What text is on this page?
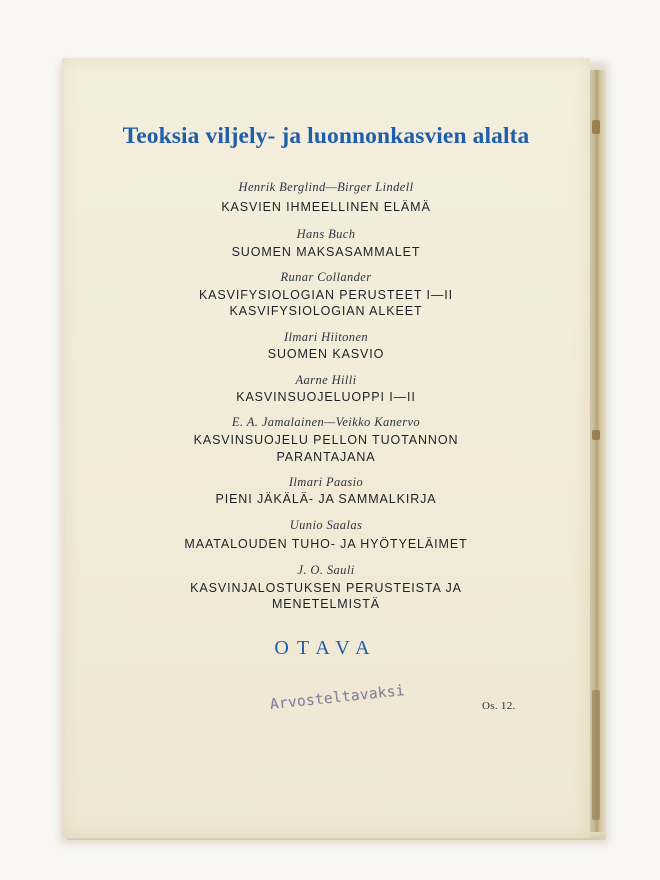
Teoksia viljely- ja luonnonkasvien alalta
Henrik Berglind—Birger Lindell
KASVIEN IHMEELLINEN ELÄMÄ
Hans Buch
SUOMEN MAKSASAMMALET
Runar Collander
KASVIFYSIOLOGIAN PERUSTEET I—II
KASVIFYSIOLOGIAN ALKEET
Ilmari Hiitonen
SUOMEN KASVIO
Aarne Hilli
KASVINSUOJELUOPPI I—II
E. A. Jamalainen—Veikko Kanervo
KASVINSUOJELU PELLON TUOTANNON
PARANTAJANA
Ilmari Paasio
PIENI JÄKÄLÄ- JA SAMMALKIRJA
Uunio Saalas
MAATALOUDEN TUHO- JA HYÖTYELÄIMET
J. O. Sauli
KASVINJALOSTUKSEN PERUSTEISTA JA
MENETELMISTÄ
OTAVA
Arvosteltavaksi	Os. 12.
